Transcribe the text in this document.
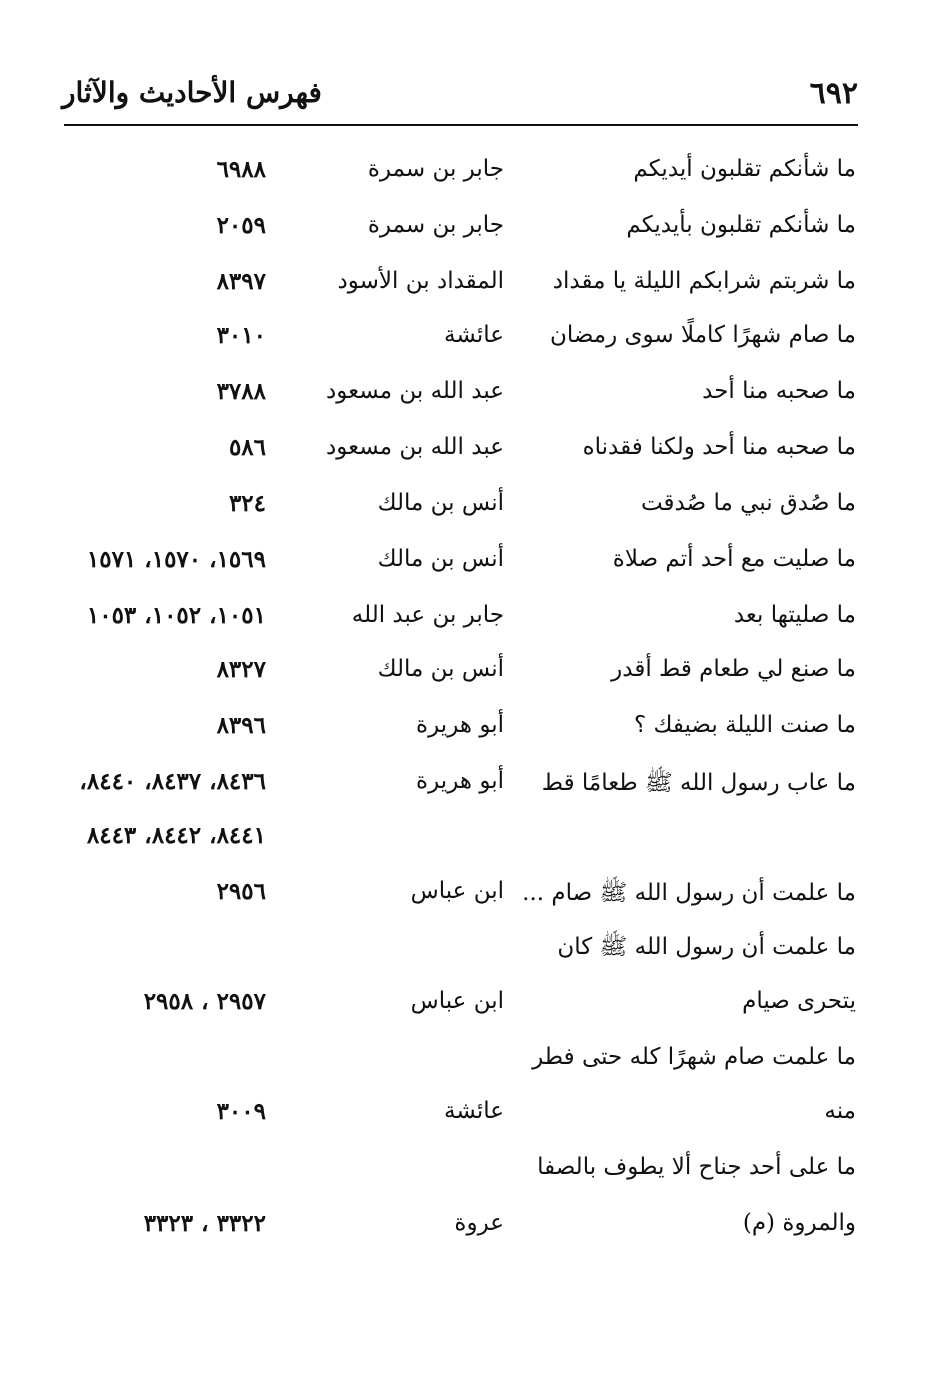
٦٩٢
فهرس الأحاديث والآثار
ما شأنكم تقلبون أيديكم
جابر بن سمرة
٦٩٨٨
ما شأنكم تقلبون بأيديكم
جابر بن سمرة
٢٠٥٩
ما شربتم شرابكم الليلة يا مقداد
المقداد بن الأسود
٨٣٩٧
ما صام شهرًا كاملًا سوى رمضان
عائشة
٣٠١٠
ما صحبه منا أحد
عبد الله بن مسعود
٣٧٨٨
ما صحبه منا أحد ولكنا فقدناه
عبد الله بن مسعود
٥٨٦
ما صُدق نبي ما صُدقت
أنس بن مالك
٣٢٤
ما صليت مع أحد أتم صلاة
أنس بن مالك
١٥٦٩، ١٥٧٠، ١٥٧١
ما صليتها بعد
جابر بن عبد الله
١٠٥١، ١٠٥٢، ١٠٥٣
ما صنع لي طعام قط أقدر
أنس بن مالك
٨٣٢٧
ما صنت الليلة بضيفك ؟
أبو هريرة
٨٣٩٦
ما عاب رسول الله ﷺ طعامًا قط
أبو هريرة
٨٤٣٦، ٨٤٣٧، ٨٤٤٠،
٨٤٤١، ٨٤٤٢، ٨٤٤٣
ما علمت أن رسول الله ﷺ صام ...
ابن عباس
٢٩٥٦
ما علمت أن رسول الله ﷺ كان
يتحرى صيام
ابن عباس
٢٩٥٧ ، ٢٩٥٨
ما علمت صام شهرًا كله حتى فطر
منه
عائشة
٣٠٠٩
ما على أحد جناح ألا يطوف بالصفا
والمروة (م)
عروة
٣٣٢٢ ، ٣٣٢٣
